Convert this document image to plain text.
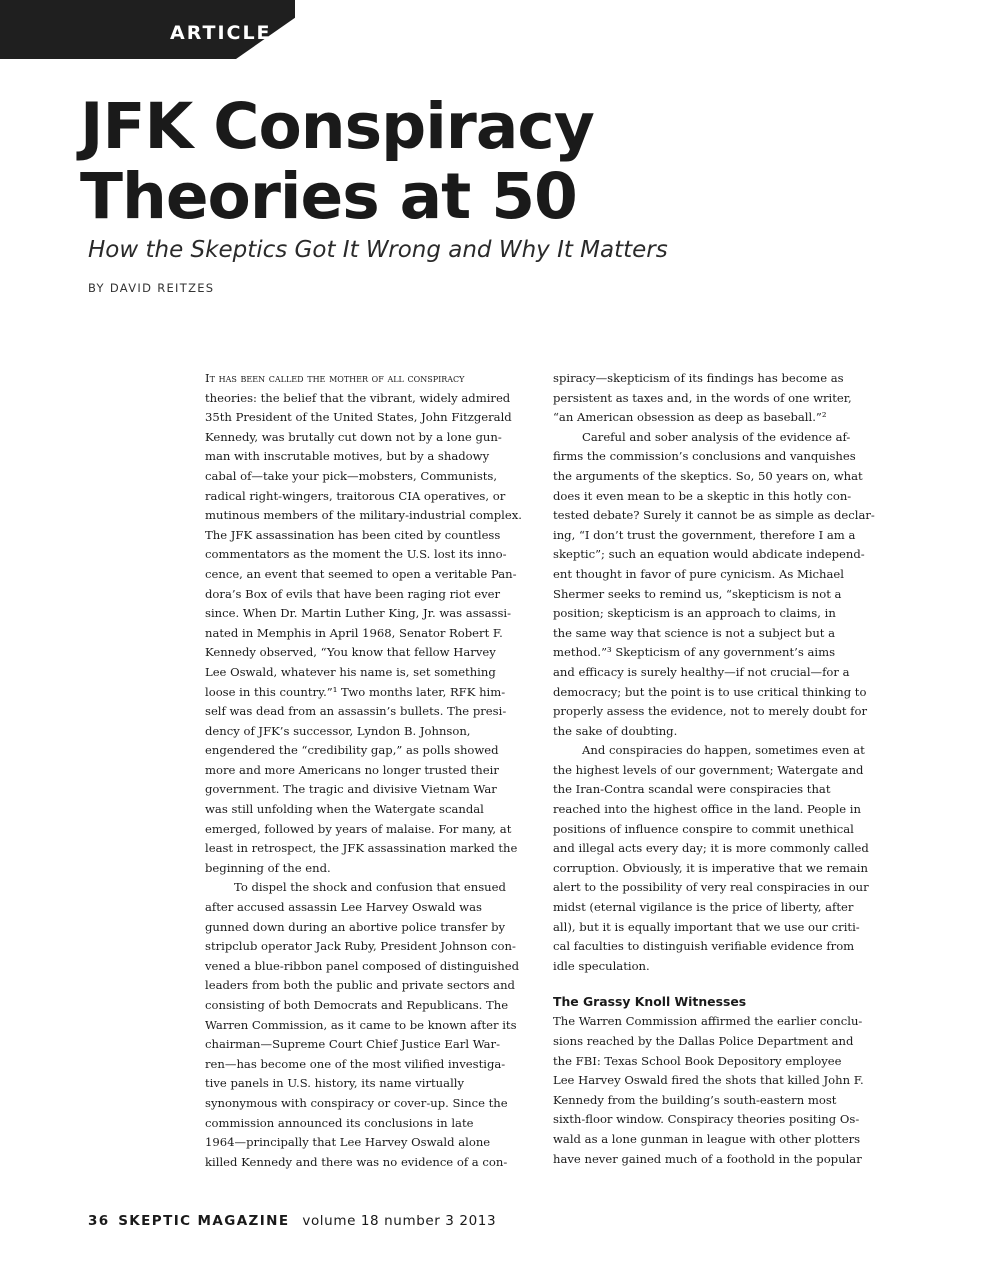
ARTICLE
JFK Conspiracy
Theories at 50

How the Skeptics Got It Wrong and Why It Matters

BY DAVID REITZES

It has been called the mother of all conspiracy

theories: the belief that the vibrant, widely admired

35th President of the United States, John Fitzgerald

Kennedy, was brutally cut down not by a lone gun-

man with inscrutable motives, but by a shadowy

cabal of—take your pick—mobsters, Communists,

radical right-wingers, traitorous CIA operatives, or

mutinous members of the military-industrial complex.

The JFK assassination has been cited by countless

commentators as the moment the U.S. lost its inno-

cence, an event that seemed to open a veritable Pan-

dora’s Box of evils that have been raging riot ever

since. When Dr. Martin Luther King, Jr. was assassi-

nated in Memphis in April 1968, Senator Robert F.

Kennedy observed, “You know that fellow Harvey

Lee Oswald, whatever his name is, set something

loose in this country.”¹ Two months later, RFK him-

self was dead from an assassin’s bullets. The presi-

dency of JFK’s successor, Lyndon B. Johnson,

engendered the “credibility gap,” as polls showed

more and more Americans no longer trusted their

government. The tragic and divisive Vietnam War

was still unfolding when the Watergate scandal

emerged, followed by years of malaise. For many, at

least in retrospect, the JFK assassination marked the

beginning of the end.

To dispel the shock and confusion that ensued

after accused assassin Lee Harvey Oswald was

gunned down during an abortive police transfer by

stripclub operator Jack Ruby, President Johnson con-

vened a blue-ribbon panel composed of distinguished

leaders from both the public and private sectors and

consisting of both Democrats and Republicans. The

Warren Commission, as it came to be known after its

chairman—Supreme Court Chief Justice Earl War-

ren—has become one of the most vilified investiga-

tive panels in U.S. history, its name virtually

synonymous with conspiracy or cover-up. Since the

commission announced its conclusions in late

1964—principally that Lee Harvey Oswald alone

killed Kennedy and there was no evidence of a con-

spiracy—skepticism of its findings has become as

persistent as taxes and, in the words of one writer,

“an American obsession as deep as baseball.”²

Careful and sober analysis of the evidence af-

firms the commission’s conclusions and vanquishes

the arguments of the skeptics. So, 50 years on, what

does it even mean to be a skeptic in this hotly con-

tested debate? Surely it cannot be as simple as declar-

ing, “I don’t trust the government, therefore I am a

skeptic”; such an equation would abdicate independ-

ent thought in favor of pure cynicism. As Michael

Shermer seeks to remind us, “skepticism is not a

position; skepticism is an approach to claims, in

the same way that science is not a subject but a

method.”³ Skepticism of any government’s aims

and efficacy is surely healthy—if not crucial—for a

democracy; but the point is to use critical thinking to

properly assess the evidence, not to merely doubt for

the sake of doubting.

And conspiracies do happen, sometimes even at

the highest levels of our government; Watergate and

the Iran-Contra scandal were conspiracies that

reached into the highest office in the land. People in

positions of influence conspire to commit unethical

and illegal acts every day; it is more commonly called

corruption. Obviously, it is imperative that we remain

alert to the possibility of very real conspiracies in our

midst (eternal vigilance is the price of liberty, after

all), but it is equally important that we use our criti-

cal faculties to distinguish verifiable evidence from

idle speculation.

The Grassy Knoll Witnesses

The Warren Commission affirmed the earlier conclu-

sions reached by the Dallas Police Department and

the FBI: Texas School Book Depository employee

Lee Harvey Oswald fired the shots that killed John F.

Kennedy from the building’s south-eastern most

sixth-floor window. Conspiracy theories positing Os-

wald as a lone gunman in league with other plotters

have never gained much of a foothold in the popular

36 SKEPTIC MAGAZINE volume 18 number 3 2013
